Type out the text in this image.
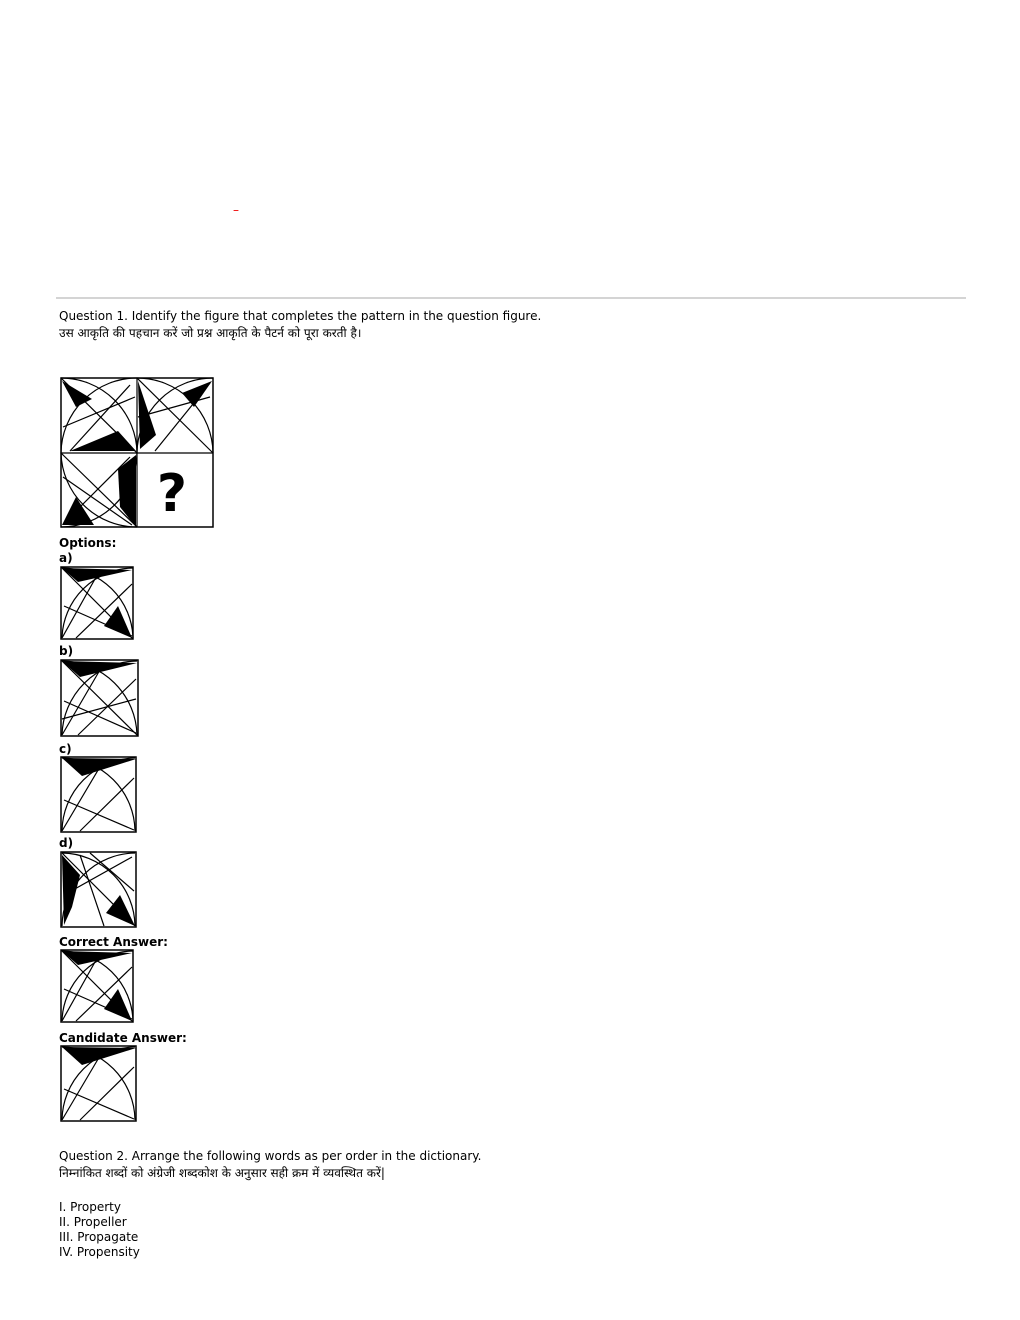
–
Question 1. Identify the figure that completes the pattern in the question figure.
उस आकृति की पहचान करें जो प्रश्न आकृति के पैटर्न को पूरा करती है।
?
Options:
a)
b)
c)
d)
Correct Answer:
Candidate Answer:
Question 2. Arrange the following words as per order in the dictionary.
निम्नांकित शब्दों को अंग्रेजी शब्दकोश के अनुसार सही क्रम में व्यवस्थित करें|
I. Property
II. Propeller
III. Propagate
IV. Propensity
